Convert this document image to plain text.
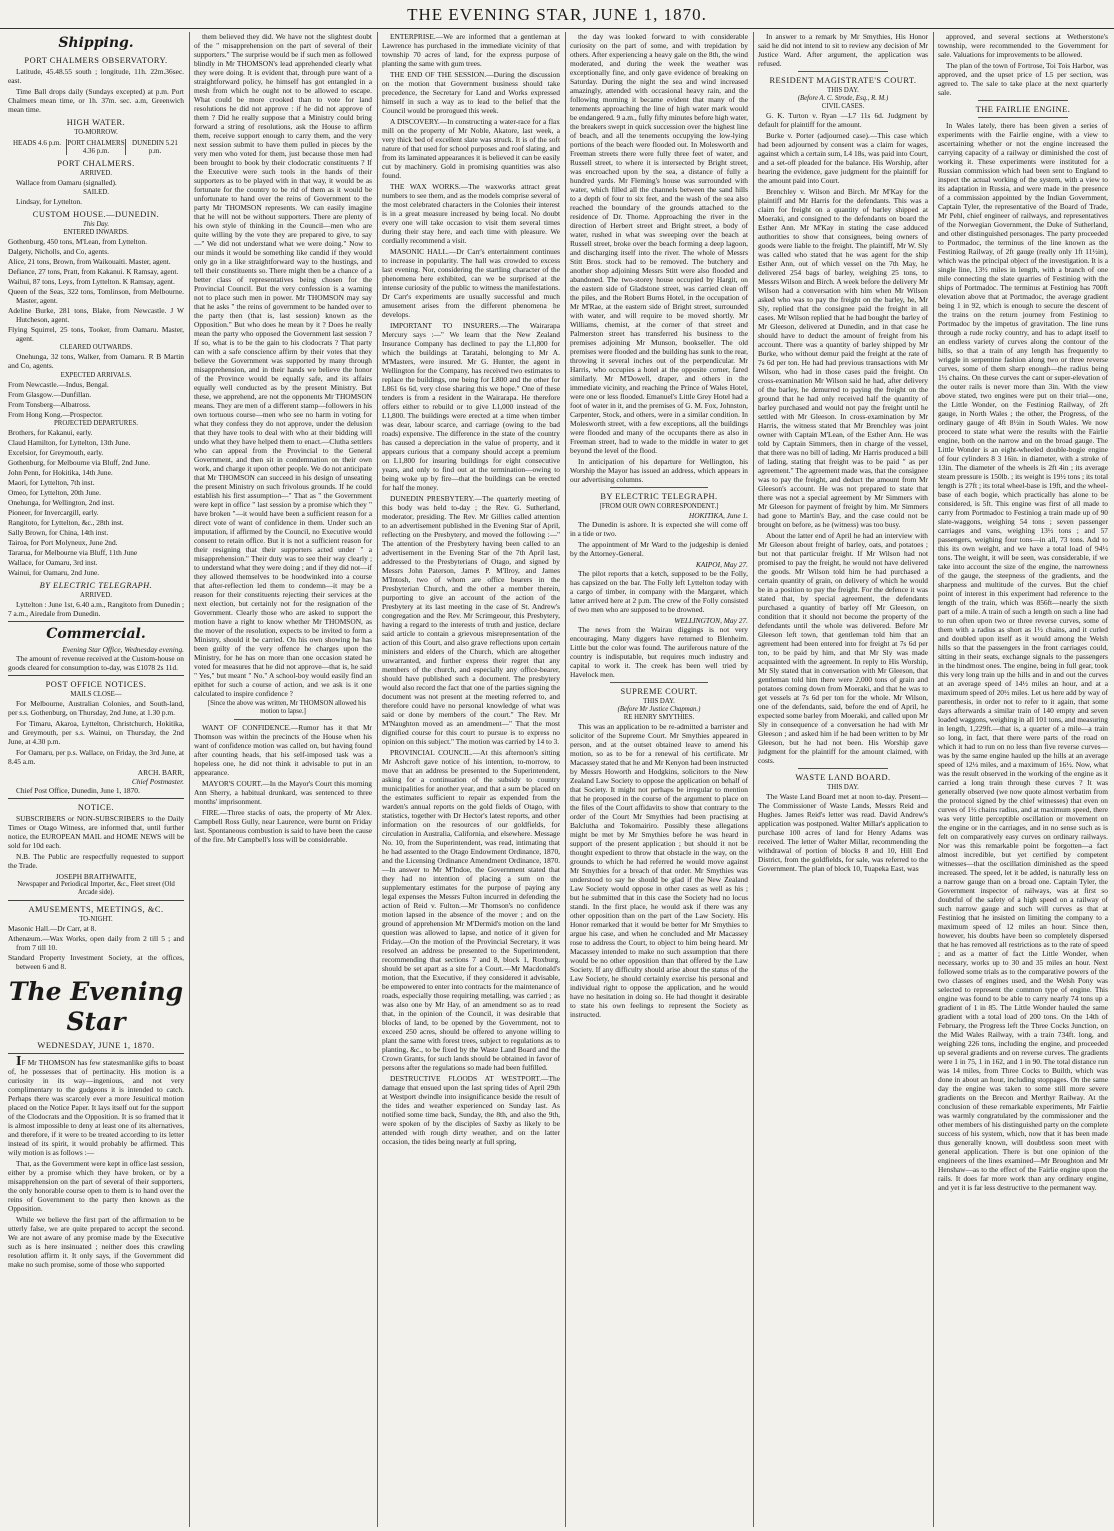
THE EVENING STAR, JUNE 1, 1870.
Shipping.
PORT CHALMERS OBSERVATORY.

Latitude, 45.48.55 south ; longitude, 11h. 22m.36sec. east.

Time Ball drops daily (Sundays excepted) at p.m. Port Chalmers mean time, or 1h. 37m. sec. a.m, Greenwich mean time.

HIGH WATER.
TO-MORROW.
HEADS 4.6 p.m. PORT CHALMERS 4.36 p.m.
DUNEDIN 5.21 p.m.
PORT CHALMERS.
ARRIVED.

Wallace from Oamaru (signalled).

SAILED.

Lindsay, for Lyttelton.

CUSTOM HOUSE.—DUNEDIN.
This Day.
ENTERED INWARDS.
Gothenburg, 450 tons, M'Lean, from Lyttelton.
Dalgety, Nicholls, and Co, agents.
Alice, 21 tons, Brown, from Waikouaiti. Master, agent.
Defiance, 27 tons, Pratt, from Kakanui. K Ramsay, agent.
Waihui, 87 tons, Leys, from Lyttelton. K Ramsay, agent.
Queen of the Seas, 322 tons, Tomlinson, from Melbourne. Master, agent.
Adeline Burke, 281 tons, Blake, from Newcastle. J W Hutcheson, agent.
Flying Squirrel, 25 tons, Tooker, from Oamaru. Master, agent.
CLEARED OUTWARDS.

Onehunga, 32 tons, Walker, from Oamaru. R B Martin and Co, agents.

EXPECTED ARRIVALS.
From Newcastle.—Indus, Bengal.
From Glasgow.—Dunfillan.
From Tonsberg—Albatross.
From Hong Kong.—Prospector.
PROJECTED DEPARTURES.
Brothers, for Kakanui, early.
Claud Hamilton, for Lyttelton, 13th June.
Excelsior, for Greymouth, early.
Gothenburg, for Melbourne via Bluff, 2nd June.
John Penn, for Hokitika, 14th June.
Maori, for Lyttelton, 7th inst.
Omeo, for Lyttelton, 20th June.
Onehunga, for Wellington, 2nd inst.
Pioneer, for Invercargill, early.
Rangitoto, for Lyttelton, &c., 28th inst.
Sally Brown, for China, 14th inst.
Tairoa, for Port Molyneux, June 2nd.
Tararua, for Melbourne via Bluff, 11th June
Wallace, for Oamaru, 3rd inst.
Wainui, for Oamaru, 2nd June.
BY ELECTRIC TELEGRAPH.
ARRIVED.

Lyttelton : June 1st, 6.40 a.m., Rangitoto from Dunedin ; 7 a.m., Airedale from Dunedin.

Commercial.
Evening Star Office, Wednesday evening.

The amount of revenue received at the Custom-house on goods cleared for consumption to-day, was £1078 2s 11d.

POST OFFICE NOTICES.
MAILS CLOSE—

For Melbourne, Australian Colonies, and South-land, per s.s. Gothenburg, on Thursday, 2nd June, at 1.30 p.m.

For Timaru, Akaroa, Lyttelton, Christchurch, Hokitika, and Greymouth, per s.s. Wainui, on Thursday, the 2nd June, at 4.30 p.m.

For Oamaru, per p.s. Wallace, on Friday, the 3rd June, at 8.45 a.m.

ARCH. BARR,
Chief Postmaster.

Chief Post Office, Dunedin, June 1, 1870.

NOTICE.

SUBSCRIBERS or NON-SUBSCRIBERS to the Daily Times or Otago Witness, are informed that, until further notice, the EUROPEAN MAIL and HOME NEWS will be sold for 10d each.

N.B. The Public are respectfully requested to support the Trade.

JOSEPH BRAITHWAITE,
Newspaper and Periodical Importer, &c., Fleet street (Old Arcade side).
AMUSEMENTS, MEETINGS, &C.
TO-NIGHT.
Masonic Hall.—Dr Carr, at 8.
Athenæum.—Wax Works, open daily from 2 till 5 ; and from 7 till 10.
Standard Property Investment Society, at the offices, between 6 and 8.
The Evening Star
WEDNESDAY, JUNE 1, 1870.

IF Mr THOMSON has few statesmanlike gifts to boast of, he possesses that of pertinacity. His motion is a curiosity in its way—ingenious, and not very complimentary to the gudgeons it is intended to catch. Perhaps there was scarcely ever a more Jesuitical motion placed on the Notice Paper. It lays itself out for the support of the Clodocrats and the Opposition. It is so framed that it is almost impossible to deny at least one of its alternatives, and therefore, if it were to be treated according to its letter instead of its spirit, it would probably be affirmed. This wily motion is as follows :—

That, as the Government were kept in office last session, either by a promise which they have broken, or by a misapprehension on the part of several of their supporters, the only honorable course open to them is to hand over the reins of Government to the party then known as the Opposition.

While we believe the first part of the affirmation to be utterly false, we are quite prepared to accept the second. We are not aware of any promise made by the Executive such as is here insinuated ; neither does this crawling resolution affirm it. It only says, if the Government did make no such promise, some of those who supported

them believed they did. We have not the slightest doubt of the " misapprehension on the part of several of their supporters." The surprise would be if such men as followed blindly in Mr THOMSON's lead apprehended clearly what they were doing. It is evident that, through pure want of a straightforward policy, he himself has got entangled in a mesh from which he ought not to be allowed to escape. What could be more crooked than to vote for land resolutions he did not approve : if he did not approve of them ? Did he really suppose that a Ministry could bring forward a string of resolutions, ask the House to affirm them, receive support enough to carry them, and the very next session submit to have them pulled in pieces by the very men who voted for them, just because those men had been brought to book by their clodocratic constituents ? If the Executive were such tools in the hands of their supporters as to be played with in that way, it would be as fortunate for the country to be rid of them as it would be unfortunate to hand over the reins of Government to the party Mr THOMSON represents. We can easily imagine that he will not be without supporters. There are plenty of his own style of thinking in the Council—men who are quite willing by the vote they are prepared to give, to say—" We did not understand what we were doing." Now to our minds it would be something like candid if they would only go in a like straightforward way to the hustings, and tell their constituents so. There might then be a chance of a better class of representatives being chosen for the Provincial Council. But the very confession is a warning not to place such men in power. Mr THOMSON may say that he asks " the reins of government to be handed over to the party then (that is, last session) known as the Opposition." But who does he mean by it ? Does he really mean the party who opposed the Government last session ? If so, what is to be the gain to his clodocrats ? That party can with a safe conscience affirm by their votes that they believe the Government was supported by many through misapprehension, and in their hands we believe the honor of the Province would be equally safe, and its affairs equally well conducted as by the present Ministry. But these, we apprehend, are not the opponents Mr THOMSON means. They are men of a different stamp—followers in his own tortuous course—men who see no harm in voting for what they confess they do not approve, under the delusion that they have tools to deal with who at their bidding will undo what they have helped them to enact.—Clutha settlers who can appeal from the Provincial to the General Government, and then sit in condemnation on their own work, and charge it upon other people. We do not anticipate that Mr THOMSON can succeed in his design of unseating the present Ministry on such frivolous grounds. If he could establish his first assumption—" That as " the Government were kept in office " last session by a promise which they " have broken "—it would have been a sufficient reason for a direct vote of want of confidence in them. Under such an imputation, if affirmed by the Council, no Executive would consent to retain office. But it is not a sufficient reason for their resigning that their supporters acted under " a misapprehension." Their duty was to see their way clearly ; to understand what they were doing ; and if they did not—if they allowed themselves to be hoodwinked into a course that after-reflection led them to condemn—it may be a reason for their constituents rejecting their services at the next election, but certainly not for the resignation of the Government. Clearly those who are asked to support the motion have a right to know whether Mr THOMSON, as the mover of the resolution, expects to be invited to form a Ministry, should it be carried. On his own showing he has been guilty of the very offence he charges upon the Ministry, for he has on more than one occasion stated he voted for measures that he did not approve—that is, he said " Yes," but meant " No." A school-boy would easily find an epithet for such a course of action, and we ask is it one calculated to inspire confidence ?

[Since the above was written, Mr THOMSON allowed his motion to lapse.]

WANT OF CONFIDENCE.—Rumor has it that Mr Thomson was within the precincts of the House when his want of confidence motion was called on, but having found after counting heads, that his self-imposed task was a hopeless one, he did not think it advisable to put in an appearance.

MAYOR'S COURT.—In the Mayor's Court this morning Ann Sherry, a habitual drunkard, was sentenced to three months' imprisonment.

FIRE.—Three stacks of oats, the property of Mr Alex. Campbell Ross Gully, near Laurence, were burnt on Friday last. Spontaneous combustion is said to have been the cause of the fire. Mr Campbell's loss will be considerable.

ENTERPRISE.—We are informed that a gentleman at Lawrence has purchased in the immediate vicinity of that township 70 acres of land, for the express purpose of planting the same with gum trees.

THE END OF THE SESSION.—During the discussion on the motion that Government business should take precedence, the Secretary for Land and Works expressed himself in such a way as to lead to the belief that the Council would be prorogued this week.

A DISCOVERY.—In constructing a water-race for a flax mill on the property of Mr Noble, Akatore, last week, a very thick bed of excellent slate was struck. It is of the soft nature of that used for school purposes and roof slating, and from its laminated appearances it is believed it can be easily cut by machinery. Gold in promising quantities was also found.

THE WAX WORKS.—The waxworks attract great numbers to see them, and as the models comprise several of the most celebrated characters in the Colonies their interest is in a great measure increased by being local. No doubt every one will take occasion to visit them several times during their stay here, and each time with pleasure. We cordially recommend a visit.

MASONIC HALL.—Dr Carr's entertainment continues to increase in popularity. The hall was crowded to excess last evening. Nor, considering the startling character of the phenomena here exhibited, can we be surprised at the intense curiosity of the public to witness the manifestations. Dr Carr's experiments are usually successful and much amusement arises from the different phenomena he develops.

IMPORTANT TO INSURERS.—The Wairarapa Mercury says :—" We learn that the New Zealand Insurance Company has declined to pay the L1,800 for which the buildings at Taratahi, belonging to Mr A. M'Masters, were insured. Mr G. Hunter, the agent in Wellington for the Company, has received two estimates to replace the buildings, one being for L800 and the other for L861 6s 6d, very close sharing this we hope." One of these tenders is from a resident in the Wairarapa. He therefore offers either to rebuild or to give L1,000 instead of the L1,800. The buildings were erected at a time when timber was dear, labour scarce, and carriage (owing to the bad roads) expensive. The difference in the state of the country has caused a depreciation in the value of property, and it appears curious that a company should accept a premium on L1,800 for insuring buildings for eight consecutive years, and only to find out at the termination—owing to being woke up by fire—that the buildings can be erected for half the money.

DUNEDIN PRESBYTERY.—The quarterly meeting of this body was held to-day ; the Rev. G. Sutherland, moderator, presiding. The Rev. Mr Gillies called attention to an advertisement published in the Evening Star of April, reflecting on the Presbytery, and moved the following :—" The attention of the Presbytery having been called to an advertisement in the Evening Star of the 7th April last, addressed to the Presbyterians of Otago, and signed by Messrs John Paterson, James P. M'Ilroy, and James M'Intosh, two of whom are office bearers in the Presbyterian Church, and the other a member therein, purporting to give an account of the action of the Presbytery at its last meeting in the case of St. Andrew's congregation and the Rev. Mr Scrimgeour, this Presbytery, having a regard to the interests of truth and justice, declare said article to contain a grievous misrepresentation of the action of this Court, and also grave reflections upon certain ministers and elders of the Church, which are altogether unwarranted, and further express their regret that any members of the church, and especially any office-bearer, should have published such a document. The presbytery would also record the fact that one of the parties signing the document was not present at the meeting referred to, and therefore could have no personal knowledge of what was said or done by members of the court." The Rev. Mr M'Naughton moved as an amendment—" That the most dignified course for this court to pursue is to express no opinion on this subject." The motion was carried by 14 to 3.

PROVINCIAL COUNCIL.—At this afternoon's sitting Mr Ashcroft gave notice of his intention, to-morrow, to move that an address be presented to the Superintendent, asking for a continuation of the subsidy to country municipalities for another year, and that a sum be placed on the estimates sufficient to repair as expended from the warden's annual reports on the gold fields of Otago, with statistics, together with Dr Hector's latest reports, and other information on the resources of our goldfields, for circulation in Australia, California, and elsewhere. Message No. 10, from the Superintendent, was read, intimating that he had assented to the Otago Endowment Ordinance, 1870, and the Licensing Ordinance Amendment Ordinance, 1870.—In answer to Mr M'Indoe, the Government stated that they had no intention of placing a sum on the supplementary estimates for the purpose of paying any legal expenses the Messrs Fulton incurred in defending the action of Reid v. Fulton.—Mr Thomson's no confidence motion lapsed in the absence of the mover ; and on the ground of apprehension Mr M'Dermid's motion on the land question was allowed to lapse, and notice of it given for Friday.—On the motion of the Provincial Secretary, it was resolved an address be presented to the Superintendent, recommending that sections 7 and 8, block 1, Roxburg, should be set apart as a site for a Court.—Mr Macdonald's motion, that the Executive, if they considered it advisable, be empowered to enter into contracts for the maintenance of roads, especially those requiring metalling, was carried ; as was also one by Mr Hay, of an amendment so as to read that, in the opinion of the Council, it was desirable that blocks of land, to be opened by the Government, not to exceed 250 acres, should be offered to anyone willing to plant the same with forest trees, subject to regulations as to planting, &c., to be fixed by the Waste Land Board and the Crown Grants, for such lands should be obtained in favor of persons after the regulations so made had been fulfilled.

DESTRUCTIVE FLOODS AT WESTPORT.—The damage that ensued upon the last spring tides of April 29th at Westport dwindle into insignificance beside the result of the tides and weather experienced on Sunday last. As notified some time back, Sunday, the 8th, and also the 9th, were spoken of by the disciples of Saxby as likely to be attended with rough dirty weather, and on the latter occasion, the tides being nearly at full spring,

the day was looked forward to with considerable curiosity on the part of some, and with trepidation by others. After experiencing a heavy gale on the 8th, the wind moderated, and during the week the weather was exceptionally fine, and only gave evidence of breaking on Saturday. During the night the sea and wind increased amazingly, attended with occasional heavy rain, and the following morning it became evident that many of the tenements approaching the line of high water mark would be endangered. 9 a.m., fully fifty minutes before high water, the breakers swept in quick succession over the highest line of beach, and all the tenements occupying the low-lying portions of the beach were flooded out. In Molesworth and Freeman streets there were fully three feet of water, and Russell street, to where it is intersected by Bright street, was encroached upon by the sea, a distance of fully a hundred yards. Mr Fleming's house was surrounded with water, which filled all the channels between the sand hills to a depth of four to six feet, and the wash of the sea also reached the boundary of the grounds attached to the residence of Dr. Thorne. Approaching the river in the direction of Herbert street and Bright street, a body of water, rushed in what was sweeping over the beach at Russell street, broke over the beach forming a deep lagoon, and discharging itself into the river. The whole of Messrs Stitt Bros. stock had to be removed. The butchery and another shop adjoining Messrs Stitt were also flooded and abandoned. The two-storey house occupied by Hargit, on the eastern side of Gladstone street, was carried clean off the piles, and the Robert Burns Hotel, in the occupation of Mr M'Rae, at the eastern side of Bright street, surrounded with water, and will require to be moved shortly. Mr Williams, chemist, at the corner of that street and Palmerston street has transferred his business to the premises adjoining Mr Munson, bookseller. The old premises were flooded and the building has sunk to the rear, throwing it several inches out of the perpendicular. Mr Harris, who occupies a hotel at the opposite corner, fared similarly. Mr M'Dowell, draper, and others in the immediate vicinity, and reaching the Prince of Wales Hotel, were one or less flooded. Emanuel's Little Grey Hotel had a foot of water in it, and the premises of G. M. Fox, Johnston, Carpenter, Stock, and others, were in a similar condition. In Molesworth street, with a few exceptions, all the buildings were flooded and many of the occupants there as also in Freeman street, had to wade to the middle in water to get beyond the level of the flood.

In anticipation of his departure for Wellington, his Worship the Mayor has issued an address, which appears in our advertising columns.

BY ELECTRIC TELEGRAPH.
[FROM OUR OWN CORRESPONDENT.]
HOKITIKA, June 1.

The Dunedin is ashore. It is expected she will come off in a tide or two.

The appointment of Mr Ward to the judgeship is denied by the Attorney-General.

KAIPOI, May 27.

The pilot reports that a ketch, supposed to be the Folly, has capsized on the bar. The Folly left Lyttelton today with a cargo of timber, in company with the Margaret, which latter arrived here at 2 p.m. The crew of the Folly consisted of two men who are supposed to be drowned.

WELLINGTON, May 27.

The news from the Wairau diggings is not very encouraging. Many diggers have returned to Blenheim. Little but the color was found. The auriferous nature of the country is indisputable, but requires much industry and capital to work it. The creek has been well tried by Havelock men.

SUPREME COURT.
THIS DAY.
(Before Mr Justice Chapman.)
RE HENRY SMYTHIES.

This was an application to be re-admitted a barrister and solicitor of the Supreme Court. Mr Smythies appeared in person, and at the outset obtained leave to amend his motion, so as to be for a renewal of his certificate. Mr Macassey stated that he and Mr Kenyon had been instructed by Messrs Howorth and Hodgkins, solicitors to the New Zealand Law Society to oppose the application on behalf of that Society. It might not perhaps be irregular to mention that he proposed in the course of the argument to place on the files of the Court affidavits to show that contrary to the order of the Court Mr Smythies had been practising at Balclutha and Tokomairiro. Possibly these allegations might be met by Mr Smythies before he was heard in support of the present application ; but should it not be thought expedient to throw that obstacle in the way, on the grounds to which he had referred he would move against Mr Smythies for a breach of that order. Mr Smythies was understood to say he should be glad if the New Zealand Law Society would oppose in other cases as well as his ; but he submitted that in this case the Society had no locus standi. In the first place, he would ask if there was any other opposition than on the part of the Law Society. His Honor remarked that it would be better for Mr Smythies to argue his case, and when he concluded and Mr Macassey rose to address the Court, to object to him being heard. Mr Macassey intended to make no such assumption that there would be no other opposition than that offered by the Law Society. If any difficulty should arise about the status of the Law Society, he should certainly exercise his personal and individual right to oppose the application, and he would have no hesitation in doing so. He had thought it desirable to state his own feelings to represent the Society as instructed.

In answer to a remark by Mr Smythies, His Honor said he did not intend to sit to review any decision of Mr Justice Ward. After argument, the application was refused.

RESIDENT MAGISTRATE'S COURT.
THIS DAY.
(Before A. C. Strode, Esq., R. M.)
CIVIL CASES.

G. K. Turton v. Ryan —L7 11s 6d. Judgment by default for plaintiff for the amount.

Burke v. Porter (adjourned case).—This case which had been adjourned by consent was a claim for wages, against which a certain sum, L4 18s, was paid into Court, and a set-off pleaded for the balance. His Worship, after hearing the evidence, gave judgment for the plaintiff for the amount paid into Court.

Brenchley v. Wilson and Birch. Mr M'Kay for the plaintiff and Mr Harris for the defendants. This was a claim for freight on a quantity of barley shipped at Moeraki, and consigned to the defendants on board the Esther Ann. Mr M'Kay in stating the case adduced authorities to show that consignees, being owners of goods were liable to the freight. The plaintiff, Mr W. Sly was called who stated that he was agent for the ship Esther Ann, out of which vessel on the 7th May, he delivered 254 bags of barley, weighing 25 tons, to Messrs Wilson and Birch. A week before the delivery Mr Wilson had a conversation with him when Mr Wilson asked who was to pay the freight on the barley, he, Mr Sly, replied that the consignee paid the freight in all cases. Mr Wilson replied that he had bought the barley of Mr Gleeson, delivered at Dunedin, and in that case he should have to deduct the amount of freight from his account. There was a quantity of barley shipped by Mr Burke, who without demur paid the freight at the rate of 7s 6d per ton. He had had previous transactions with Mr Wilson, who had in those cases paid the freight. On cross-examination Mr Wilson said he had, after delivery of the barley, he demurred to paying the freight on the ground that he had only received half the quantity of barley purchased and would not pay the freight until he settled with Mr Gleeson. In cross-examination by Mr Harris, the witness stated that Mr Brenchley was joint owner with Captain M'Lean, of the Esther Ann. He was told by Captain Simmers, then in charge of the vessel, that there was no bill of lading. Mr Harris produced a bill of lading, stating that freight was to be paid " as per agreement." The agreement made was, that the consignee was to pay the freight, and deduct the amount from Mr Gleeson's account. He was not prepared to state that there was not a special agreement by Mr Simmers with Mr Gleeson for payment of freight by him. Mr Simmers had gone to Martin's Bay, and the case could not be brought on before, as he (witness) was too busy.

About the latter end of April he had an interview with Mr Gleeson about freight of barley, oats, and potatoes ; but not that particular freight. If Mr Wilson had not promised to pay the freight, he would not have delivered the goods. Mr Wilson told him he had purchased a certain quantity of grain, on delivery of which he would be in a position to pay the freight. For the defence it was stated that, by special agreement, the defendants purchased a quantity of barley off Mr Gleeson, on condition that it should not become the property of the defendants until the whole was delivered. Before Mr Gleeson left town, that gentleman told him that an agreement had been entered into for freight at 7s 6d per ton, to be paid by him, and that Mr Sly was made acquainted with the agreement. In reply to His Worship, Mr Sly stated that in conversation with Mr Gleeson, that gentleman told him there were 2,000 tons of grain and potatoes coming down from Moeraki, and that he was to get vessels at 7s 6d per ton for the whole. Mr Wilson, one of the defendants, said, before the end of April, he expected some barley from Moeraki, and called upon Mr Sly in consequence of a conversation he had with Mr Gleeson ; and asked him if he had been written to by Mr Gleeson, but he had not been. His Worship gave judgment for the plaintiff for the amount claimed, with costs.

WASTE LAND BOARD.
THIS DAY.

The Waste Land Board met at noon to-day. Present—The Commissioner of Waste Lands, Messrs Reid and Hughes. James Reid's letter was read. David Andrew's application was postponed. Walter Millar's application to purchase 100 acres of land for Henry Adams was received. The letter of Walter Millar, recommending the withdrawal of portion of blocks 8 and 10, Hill End District, from the goldfields, for sale, was referred to the Government. The plan of block 10, Tuapeka East, was

approved, and several sections at Wetherstone's township, were recommended to the Government for sale. Valuations for improvements to be allowed.

The plan of the town of Fortrose, Toi Tois Harbor, was approved, and the upset price of L5 per section, was agreed to. The sale to take place at the next quarterly sale.

THE FAIRLIE ENGINE.

In Wales lately, there has been given a series of experiments with the Fairlie engine, with a view to ascertaining whether or not the engine increased the carrying capacity of a railway or diminished the cost of working it. These experiments were instituted for a Russian commission which had been sent to England to inspect the actual working of the system, with a view to its adaptation in Russia, and were made in the presence of a commission appointed by the Indian Government, Captain Tyler, the representative of the Board of Trade, Mr Pehl, chief engineer of railways, and representatives of the Norwegian Government, the Duke of Sutherland, and other distinguished personages. The party proceeded to Portmadoc, the terminus of the line known as the Festiniog Railway, of 2ft gauge (really only 1ft 11½in), which was the principal object of the investigation. It is a single line, 13½ miles in length, with a branch of one mile connecting the slate quarries of Festiniog with the ships of Portmadoc. The terminus at Festiniog has 700ft elevation above that at Portmadoc, the average gradient being 1 in 92, which is enough to secure the descent of the trains on the return journey from Festiniog to Portmadoc by the impetus of gravitation. The line runs through a rude rocky country, and has to adapt itself to an endless variety of curves along the contour of the hills, so that a train of any length has frequently to wriggle in serpentine fashion along two or three reverse curves, some of them sharp enough—the radius being 1½ chains. On these curves the cant or super-elevation of the outer rails is never more than 3in. With the view above stated, two engines were put on their trial—one, the Little Wonder, on the Festiniog Railway, of 2ft gauge, in North Wales ; the other, the Progress, of the ordinary gauge of 4ft 8½in in South Wales. We now proceed to state what were the results with the Fairlie engine, both on the narrow and on the broad gauge. The Little Wonder is an eight-wheeled double-bogie engine of four cylinders 8 3 16in. in diameter, with a stroke of 13in. The diameter of the wheels is 2ft 4in ; its average steam pressure is 150lb. ; its weight is 19½ tons ; its total length is 27ft ; its total wheel-base is 19ft, and the wheel-base of each bogie, which practically has alone to be considered, is 5ft. This engine was first of all made to carry from Portmadoc to Festiniog a train made up of 90 slate-waggons, weighing 54 tons ; seven passenger carriages and vans, weighing 13½ tons ; and 57 passengers, weighing four tons—in all, 73 tons. Add to this its own weight, and we have a total load of 94½ tons. The weight, it will be seen, was considerable, if we take into account the size of the engine, the narrowness of the gauge, the steepness of the gradients, and the sharpness and multitude of the curves. But the chief point of interest in this experiment had reference to the length of the train, which was 856ft—nearly the sixth part of a mile. A train of such a length on such a line had to run often upon two or three reverse curves, some of them with a radius as short as 1½ chains, and it curled and doubled upon itself as it would among the Welsh hills so that the passengers in the front carriages could, sitting in their seats, exchange signals to the passengers in the hindmost ones. The engine, being in full gear, took this very long train up the hills and in and out the curves at an average speed of 14½ miles an hour, and at a maximum speed of 20½ miles. Let us here add by way of parenthesis, in order not to refer to it again, that some days afterwards a similar train of 140 empty and seven loaded waggons, weighing in all 101 tons, and measuring in length, 1,229ft.—that is, a quarter of a mile—a train so long, in fact, that there were parts of the road on which it had to run on no less than five reverse curves—was by the same engine hauled up the hills at an average speed of 12¼ miles, and a maximum of 16½. Now, what was the result observed in the working of the engine as it carried a long train through these curves ? It was generally observed (we now quote almost verbatim from the protocol signed by the chief witnesses) that even on curves of 1½ chains radius, and at maximum speed, there was very little perceptible oscillation or movement on the engine or in the carriages, and in no sense such as is felt on comparatively easy curves on ordinary railways. Nor was this remarkable point be forgotten—a fact almost incredible, but yet certified by competent witnesses—that the oscillation diminished as the speed increased. The speed, let it be added, is naturally less on a narrow gauge than on a broad one. Captain Tyler, the Government inspector of railways, was at first so doubtful of the safety of a high speed on a railway of such narrow gauge and such will curves as that at Festiniog that he insisted on limiting the company to a maximum speed of 12 miles an hour. Since then, however, his doubts have been so completely dispersed that he has removed all restrictions as to the rate of speed ; and as a matter of fact the Little Wonder, when necessary, works up to 30 and 35 miles an hour. Next followed some trials as to the comparative powers of the two classes of engines used, and the Welsh Pony was selected to represent the common type of engine. This engine was found to be able to carry nearly 74 tons up a gradient of 1 in 85. The Little Wonder hauled the same gradient with a total load of 200 tons. On the 14th of February, the Progress left the Three Cocks Junction, on the Mid Wales Railway, with a train 734ft. long, and weighing 226 tons, including the engine, and proceeded up several gradients and on reverse curves. The gradients were 1 in 75, 1 in 162, and 1 in 90. The total distance run was 14 miles, from Three Cocks to Builth, which was done in about an hour, including stoppages. On the same day the engine was taken to some still more severe gradients on the Brecon and Merthyr Railway. At the conclusion of these remarkable experiments, Mr Fairlie was warmly congratulated by the commissioner and the other members of his distinguished party on the complete success of his system, which, now that it has been made thus generally known, will doubtless soon meet with general application. There is but one opinion of the engineers of the lines examined—Mr Broughton and Mr Henshaw—as to the effect of the Fairlie engine upon the rails. It does far more work than any ordinary engine, and yet it is far less destructive to the permanent way.
